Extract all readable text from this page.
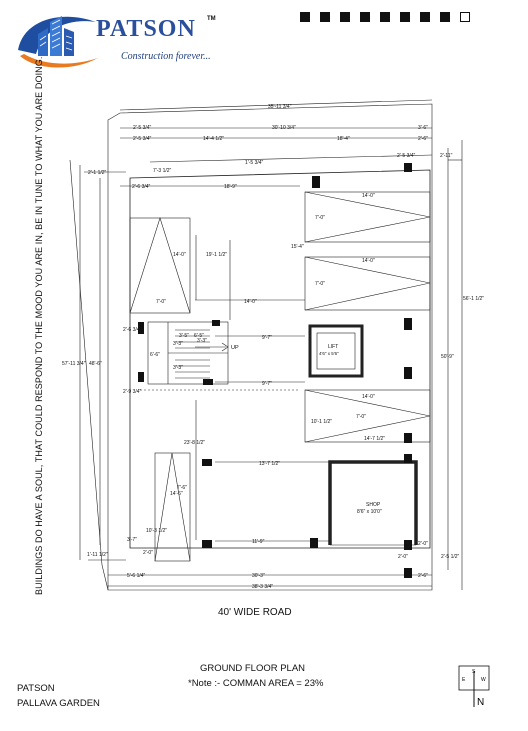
PATSON TM
Construction forever...
BUILDINGS DO HAVE A SOUL, THAT COULD RESPOND TO THE MOOD YOU ARE IN, BE IN TUNE TO WHAT YOU ARE DOING.	35'-11 3/4"
2'-5 3/4"	30'-10 3/4"	3'-6"
2'-5 3/4"	14'-4 1/2"	18'-4"	2'-6"
1'-5 3/4"
2'-5 3/4"	2'-11"
2'-1 1/2"	7'-3 1/2"
2'-6 3/4"	18'-9"
14'-0"
7'-0"
15'-4"
14'-0"
7'-0"
19'-1 1/2"
14'-0"
7'-0"	14'-0"
2'-6 3/4"
9'-7"
9'-7"
2'-9 3/4"
3'-5" 6'-5"
3'-3"
6'-6"
3'-3"
3'-3"
UP	LIFT
4'6" x 5'6"
14'-0"
7'-0"
10'-1 1/2"
14'-7 1/2"
23'-8 1/2"
13'-7 1/2"
7'-6"
14'-6"
SHOP
8'6" x 10'0"
10'-3 1/2"
3'-7"
2'-0"
11'-9"	2'-0"
2'-0"	2'-5 1/2"
1'-11 1/2"
5'-6 1/4"	30'-3"	2'-6"
38'-3 3/4"
57'-11 3/4" 48'-6"
56'-1 1/2"
50'-9"
40' WIDE ROAD
GROUND FLOOR PLAN
*Note :- COMMAN AREA = 23%
PATSON
PALLAVA GARDEN
S
E	W
N
